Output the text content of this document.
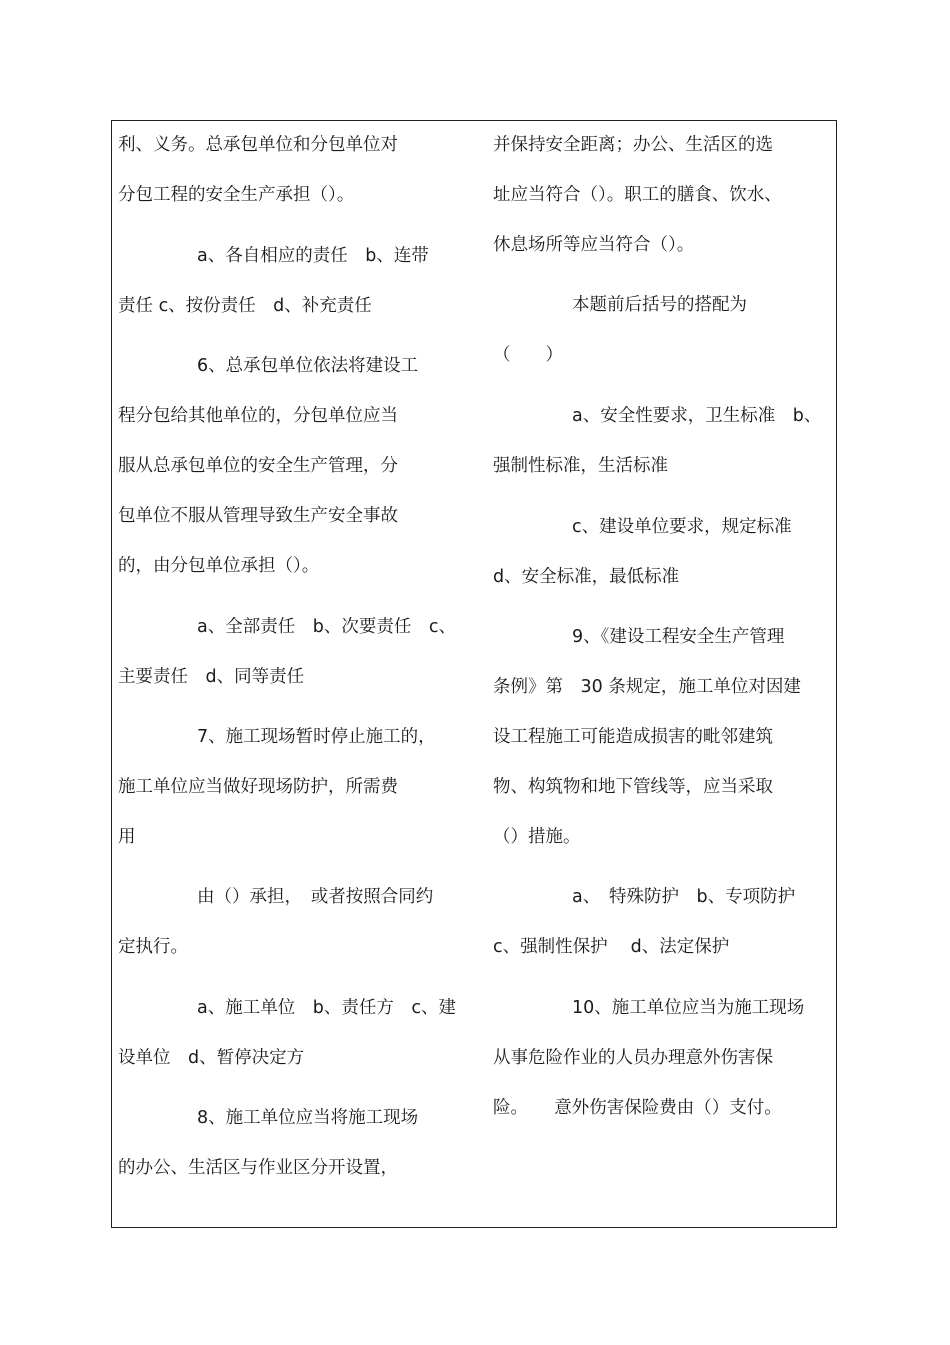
利、义务。总承包单位和分包单位对
分包工程的安全生产承担（）。
a、各自相应的责任　b、连带
责任 c、按份责任　d、补充责任
6、总承包单位依法将建设工
程分包给其他单位的，分包单位应当
服从总承包单位的安全生产管理，分
包单位不服从管理导致生产安全事故
的，由分包单位承担（）。
a、全部责任　b、次要责任　c、
主要责任　d、同等责任
7、施工现场暂时停止施工的，
施工单位应当做好现场防护，所需费
用
由（）承担，　或者按照合同约
定执行。
a、施工单位　b、责任方　c、建
设单位　d、暂停决定方
8、施工单位应当将施工现场
的办公、生活区与作业区分开设置，
并保持安全距离；办公、生活区的选
址应当符合（）。职工的膳食、饮水、
休息场所等应当符合（）。
本题前后括号的搭配为
（　　）
a、安全性要求，卫生标准　b、
强制性标准，生活标准
c、建设单位要求，规定标准
d、安全标准，最低标准
9、《建设工程安全生产管理
条例》第　30 条规定，施工单位对因建
设工程施工可能造成损害的毗邻建筑
物、构筑物和地下管线等，应当采取
（）措施。
a、　特殊防护　b、专项防护
c、强制性保护　 d、法定保护
10、施工单位应当为施工现场
从事危险作业的人员办理意外伤害保
险。　　意外伤害保险费由（）支付。
